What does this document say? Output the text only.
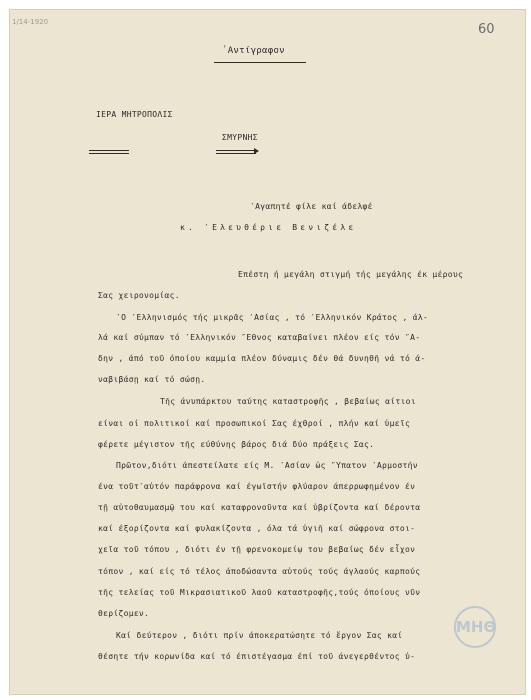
1/14-1920	60
᾽Αντίγραφον
ΙΕΡΑ ΜΗΤΡΟΠΟΛΙΣ
ΣΜΥΡΝΗΣ
᾽Αγαπητέ φίλε καί άδελφέ
κ. ᾽Ελευθέριε Βενιζέλε
Επέστη ή μεγάλη στιγμή τής μεγάλης έκ μέρους
Σας χειρονομίας.
᾽Ο ᾽Ελληνισμός τής μικρᾶς ᾽Ασίας , τό ᾽Ελληνικόν Κράτος , άλ-
λά καί σύμπαν τό ᾽Ελληνικόν ῎Εθνος καταβαίνει πλέον είς τόν ῞Α-
δην , άπό τοῦ όποίου καμμία πλέον δύναμις δέν θά δυνηθῆ νά τό ά-
ναβιβάσῃ καί τό σώσῃ.
Τῆς άνυπάρκτου ταύτης καταστροφῆς , βεβαίως αίτιοι
είναι οί πολιτικοί καί προσωπικοί Σας έχθροί , πλήν καί ὑμεῖς
φέρετε μέγιστον τῆς εύθύνης βάρος διά δύο πράξεις Σας.
Πρῶτον,διότι άπεστείλατε είς Μ. ᾽Ασίαν ὡς ῞Υπατον ᾽Αρμοστήν
ένα τοῦτ᾽αὐτόν παράφρονα καί έγωϊστήν φλύαρον άπερρωφημένον έν
τῇ αὐτοθαυμασμῷ του καί καταφρονοῦντα καί ὑβρίζοντα καί δέροντα
καί έξορίζοντα καί φυλακίζοντα , όλα τά ὑγιῆ καί σώφρονα στοι-
χεῖα τοῦ τόπου , διότι έν τῇ φρενοκομείῳ του βεβαίως δέν εἶχον
τόπον , καί είς τό τέλος άποδώσαντα αὐτούς τούς άγλαούς καρπούς
τῆς τελείας τοῦ Μικρασιατικοῦ λαοῦ καταστροφῆς,τούς όποίους νῦν
θερίζομεν.
Καί δεύτερον , διότι πρίν άποκερατώσητε τό ἔργον Σας καί
θέσητε τήν κορωνίδα καί τό έπιστέγασμα έπί τοῦ άνεγερθέντος ὑ-
ΜΗΘ
